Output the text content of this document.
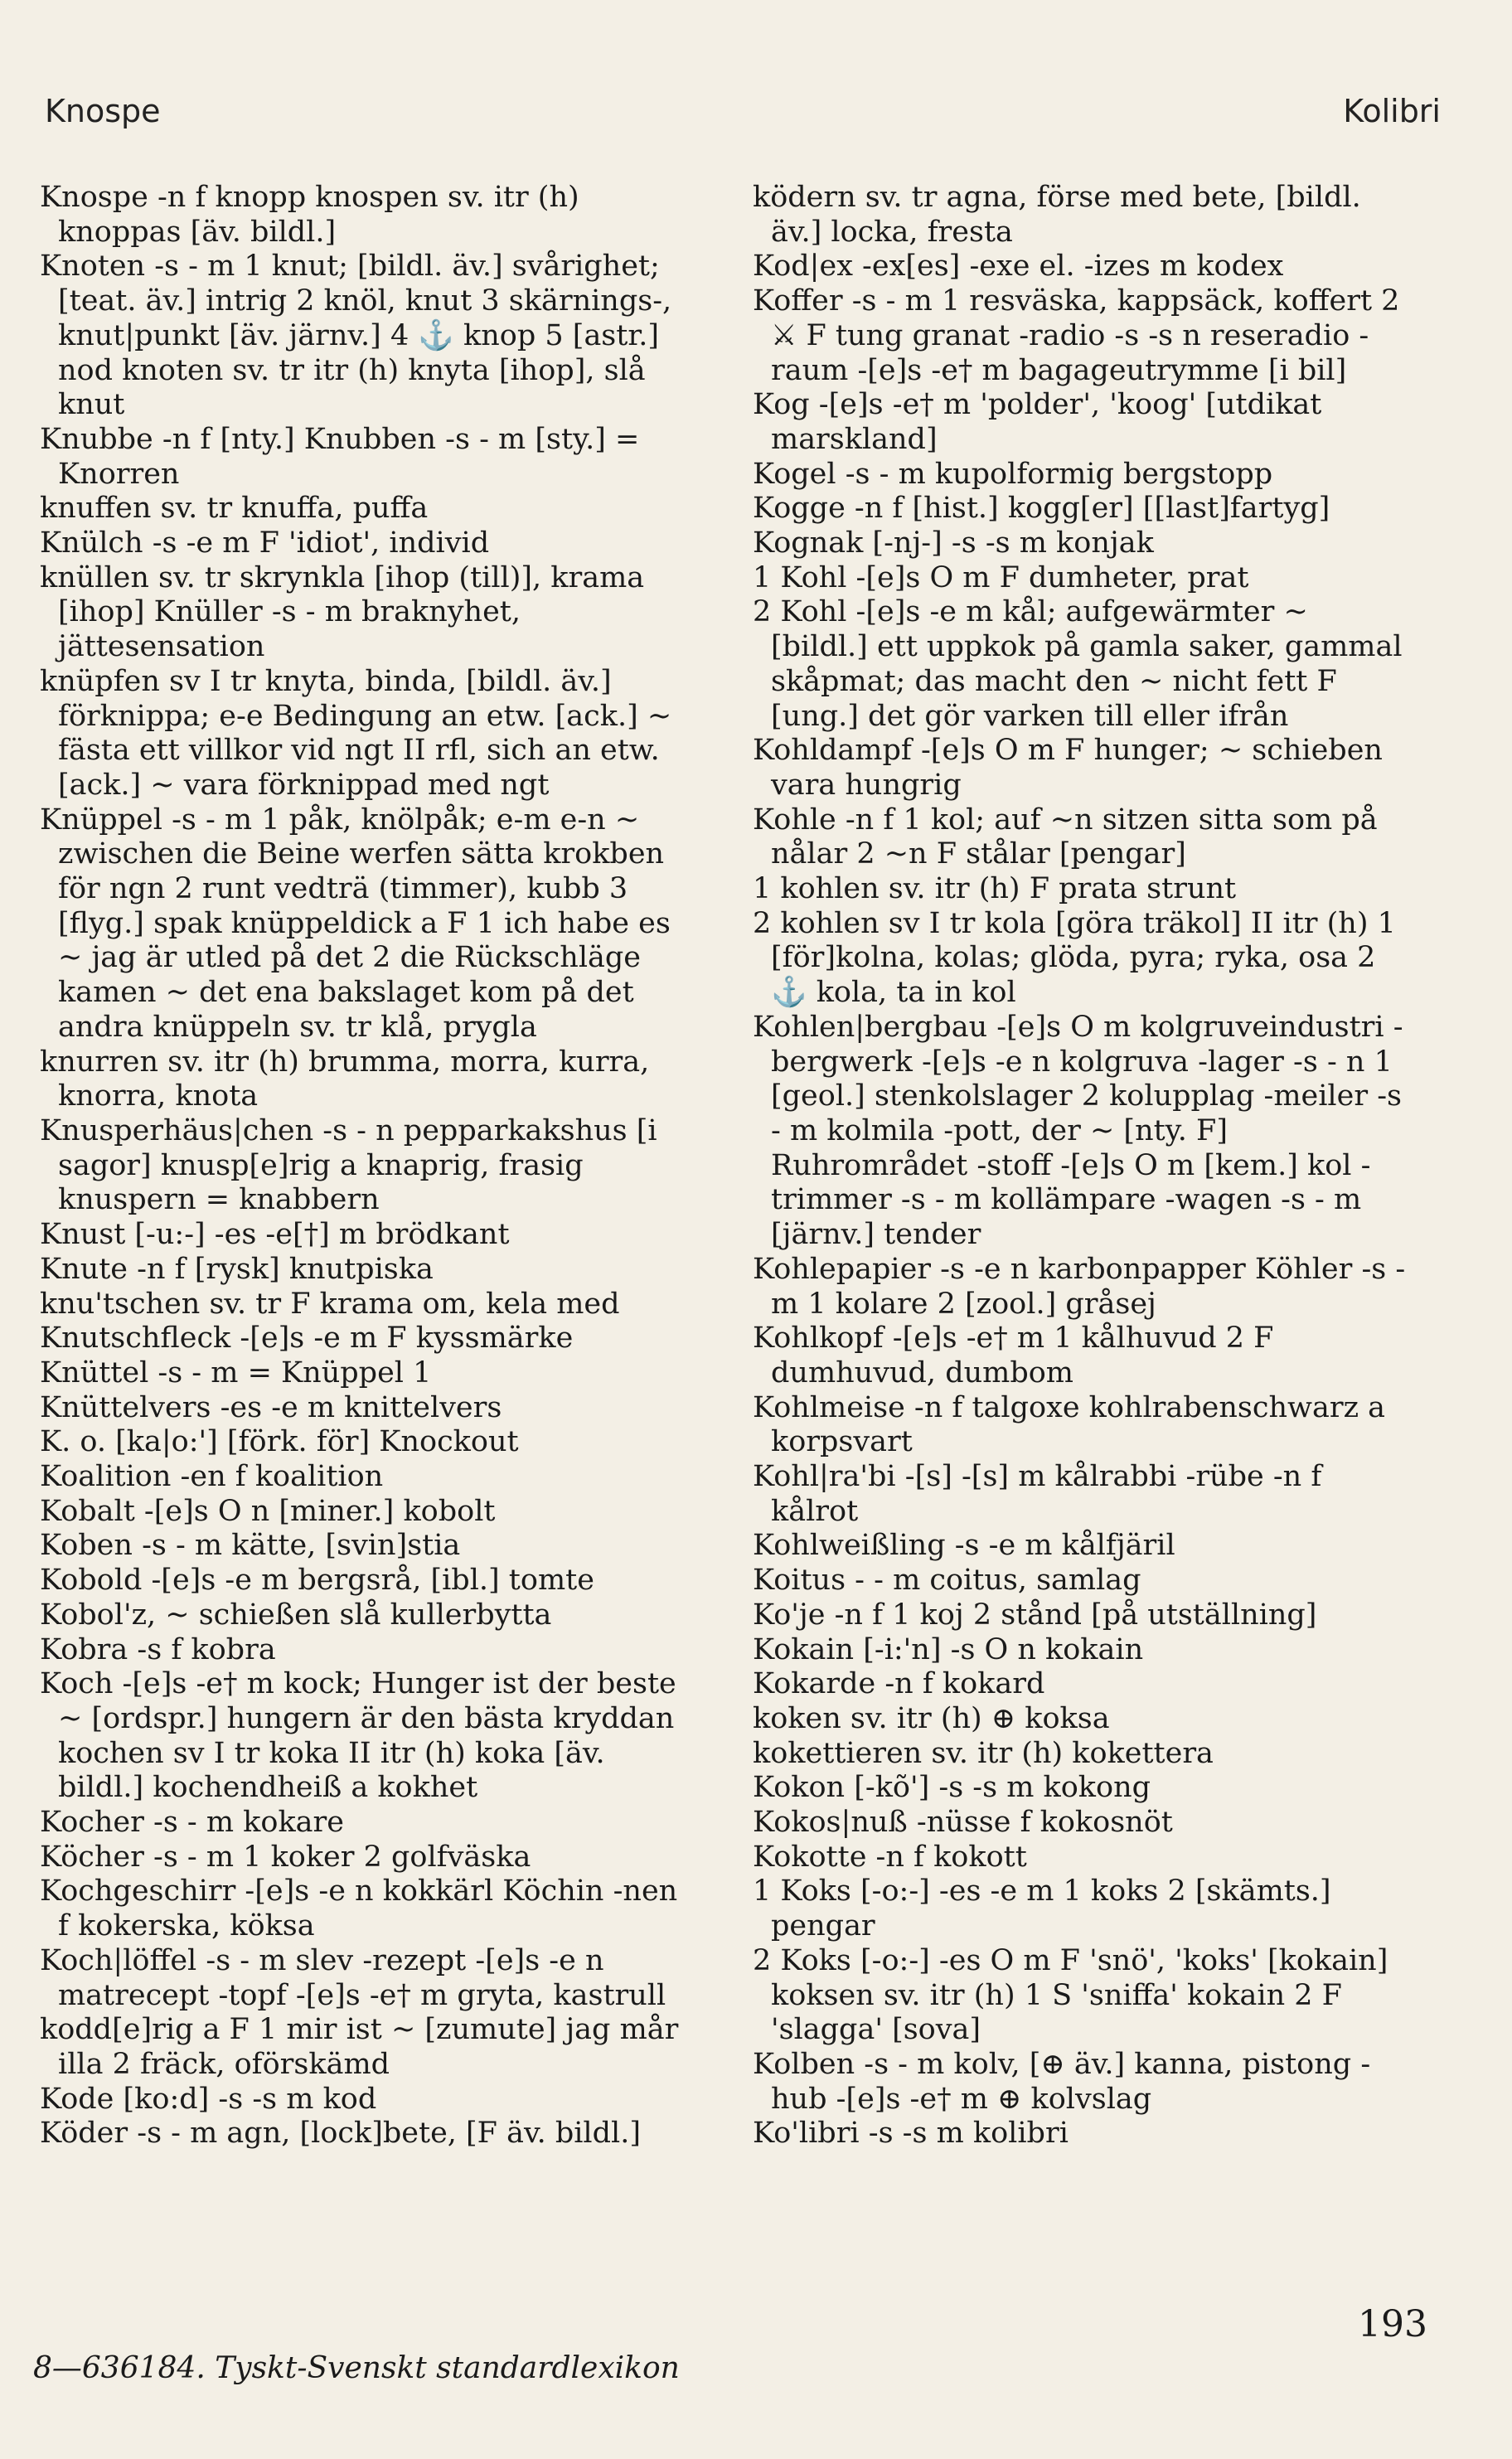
Knospe	Kolibri

Knospe -n f knopp knospen sv. itr (h) knoppas [äv. bildl.]

Knoten -s - m 1 knut; [bildl. äv.] svårighet; [teat. äv.] intrig 2 knöl, knut 3 skärnings-, knut|punkt [äv. järnv.] 4 ⚓ knop 5 [astr.] nod knoten sv. tr itr (h) knyta [ihop], slå knut

Knubbe -n f [nty.] Knubben -s - m [sty.] = Knorren

knuffen sv. tr knuffa, puffa

Knülch -s -e m F 'idiot', individ

knüllen sv. tr skrynkla [ihop (till)], krama [ihop] Knüller -s - m braknyhet, jättesensation

knüpfen sv I tr knyta, binda, [bildl. äv.] förknippa; e-e Bedingung an etw. [ack.] ~ fästa ett villkor vid ngt II rfl, sich an etw. [ack.] ~ vara förknippad med ngt

Knüppel -s - m 1 påk, knölpåk; e-m e-n ~ zwischen die Beine werfen sätta krokben för ngn 2 runt vedträ (timmer), kubb 3 [flyg.] spak knüppeldick a F 1 ich habe es ~ jag är utled på det 2 die Rückschläge kamen ~ det ena bakslaget kom på det andra knüppeln sv. tr klå, prygla

knurren sv. itr (h) brumma, morra, kurra, knorra, knota

Knusperhäus|chen -s - n pepparkakshus [i sagor] knusp[e]rig a knaprig, frasig knuspern = knabbern

Knust [-u:-] -es -e[†] m brödkant

Knute -n f [rysk] knutpiska

knu'tschen sv. tr F krama om, kela med

Knutschfleck -[e]s -e m F kyssmärke

Knüttel -s - m = Knüppel 1

Knüttelvers -es -e m knittelvers

K. o. [ka|o:'] [förk. för] Knockout

Koalition -en f koalition

Kobalt -[e]s O n [miner.] kobolt

Koben -s - m kätte, [svin]stia

Kobold -[e]s -e m bergsrå, [ibl.] tomte

Kobol'z, ~ schießen slå kullerbytta

Kobra -s f kobra

Koch -[e]s -e† m kock; Hunger ist der beste ~ [ordspr.] hungern är den bästa kryddan kochen sv I tr koka II itr (h) koka [äv. bildl.] kochendheiß a kokhet

Kocher -s - m kokare

Köcher -s - m 1 koker 2 golfväska

Kochgeschirr -[e]s -e n kokkärl Köchin -nen f kokerska, köksa

Koch|löffel -s - m slev -rezept -[e]s -e n matrecept -topf -[e]s -e† m gryta, kastrull

kodd[e]rig a F 1 mir ist ~ [zumute] jag mår illa 2 fräck, oförskämd

Kode [ko:d] -s -s m kod

Köder -s - m agn, [lock]bete, [F äv. bildl.]

ködern sv. tr agna, förse med bete, [bildl. äv.] locka, fresta

Kod|ex -ex[es] -exe el. -izes m kodex

Koffer -s - m 1 resväska, kappsäck, koffert 2 ⚔ F tung granat -radio -s -s n reseradio -raum -[e]s -e† m bagageutrymme [i bil]

Kog -[e]s -e† m 'polder', 'koog' [utdikat marskland]

Kogel -s - m kupolformig bergstopp

Kogge -n f [hist.] kogg[er] [[last]fartyg]

Kognak [-nj-] -s -s m konjak

1 Kohl -[e]s O m F dumheter, prat

2 Kohl -[e]s -e m kål; aufgewärmter ~ [bildl.] ett uppkok på gamla saker, gammal skåpmat; das macht den ~ nicht fett F [ung.] det gör varken till eller ifrån

Kohldampf -[e]s O m F hunger; ~ schieben vara hungrig

Kohle -n f 1 kol; auf ~n sitzen sitta som på nålar 2 ~n F stålar [pengar]

1 kohlen sv. itr (h) F prata strunt

2 kohlen sv I tr kola [göra träkol] II itr (h) 1 [för]kolna, kolas; glöda, pyra; ryka, osa 2 ⚓ kola, ta in kol

Kohlen|bergbau -[e]s O m kolgruveindustri -bergwerk -[e]s -e n kolgruva -lager -s - n 1 [geol.] stenkolslager 2 kolupplag -meiler -s - m kolmila -pott, der ~ [nty. F] Ruhrområdet -stoff -[e]s O m [kem.] kol -trimmer -s - m kollämpare -wagen -s - m [järnv.] tender

Kohlepapier -s -e n karbonpapper Köhler -s - m 1 kolare 2 [zool.] gråsej

Kohlkopf -[e]s -e† m 1 kålhuvud 2 F dumhuvud, dumbom

Kohlmeise -n f talgoxe kohlrabenschwarz a korpsvart

Kohl|ra'bi -[s] -[s] m kålrabbi -rübe -n f kålrot

Kohlweißling -s -e m kålfjäril

Koitus - - m coitus, samlag

Ko'je -n f 1 koj 2 stånd [på utställning]

Kokain [-i:'n] -s O n kokain

Kokarde -n f kokard

koken sv. itr (h) ⊕ koksa

kokettieren sv. itr (h) kokettera

Kokon [-kõ'] -s -s m kokong

Kokos|nuß -nüsse f kokosnöt

Kokotte -n f kokott

1 Koks [-o:-] -es -e m 1 koks 2 [skämts.] pengar

2 Koks [-o:-] -es O m F 'snö', 'koks' [kokain] koksen sv. itr (h) 1 S 'sniffa' kokain 2 F 'slagga' [sova]

Kolben -s - m kolv, [⊕ äv.] kanna, pistong -hub -[e]s -e† m ⊕ kolvslag

Ko'libri -s -s m kolibri

193
8—636184. Tyskt-Svenskt standardlexikon
